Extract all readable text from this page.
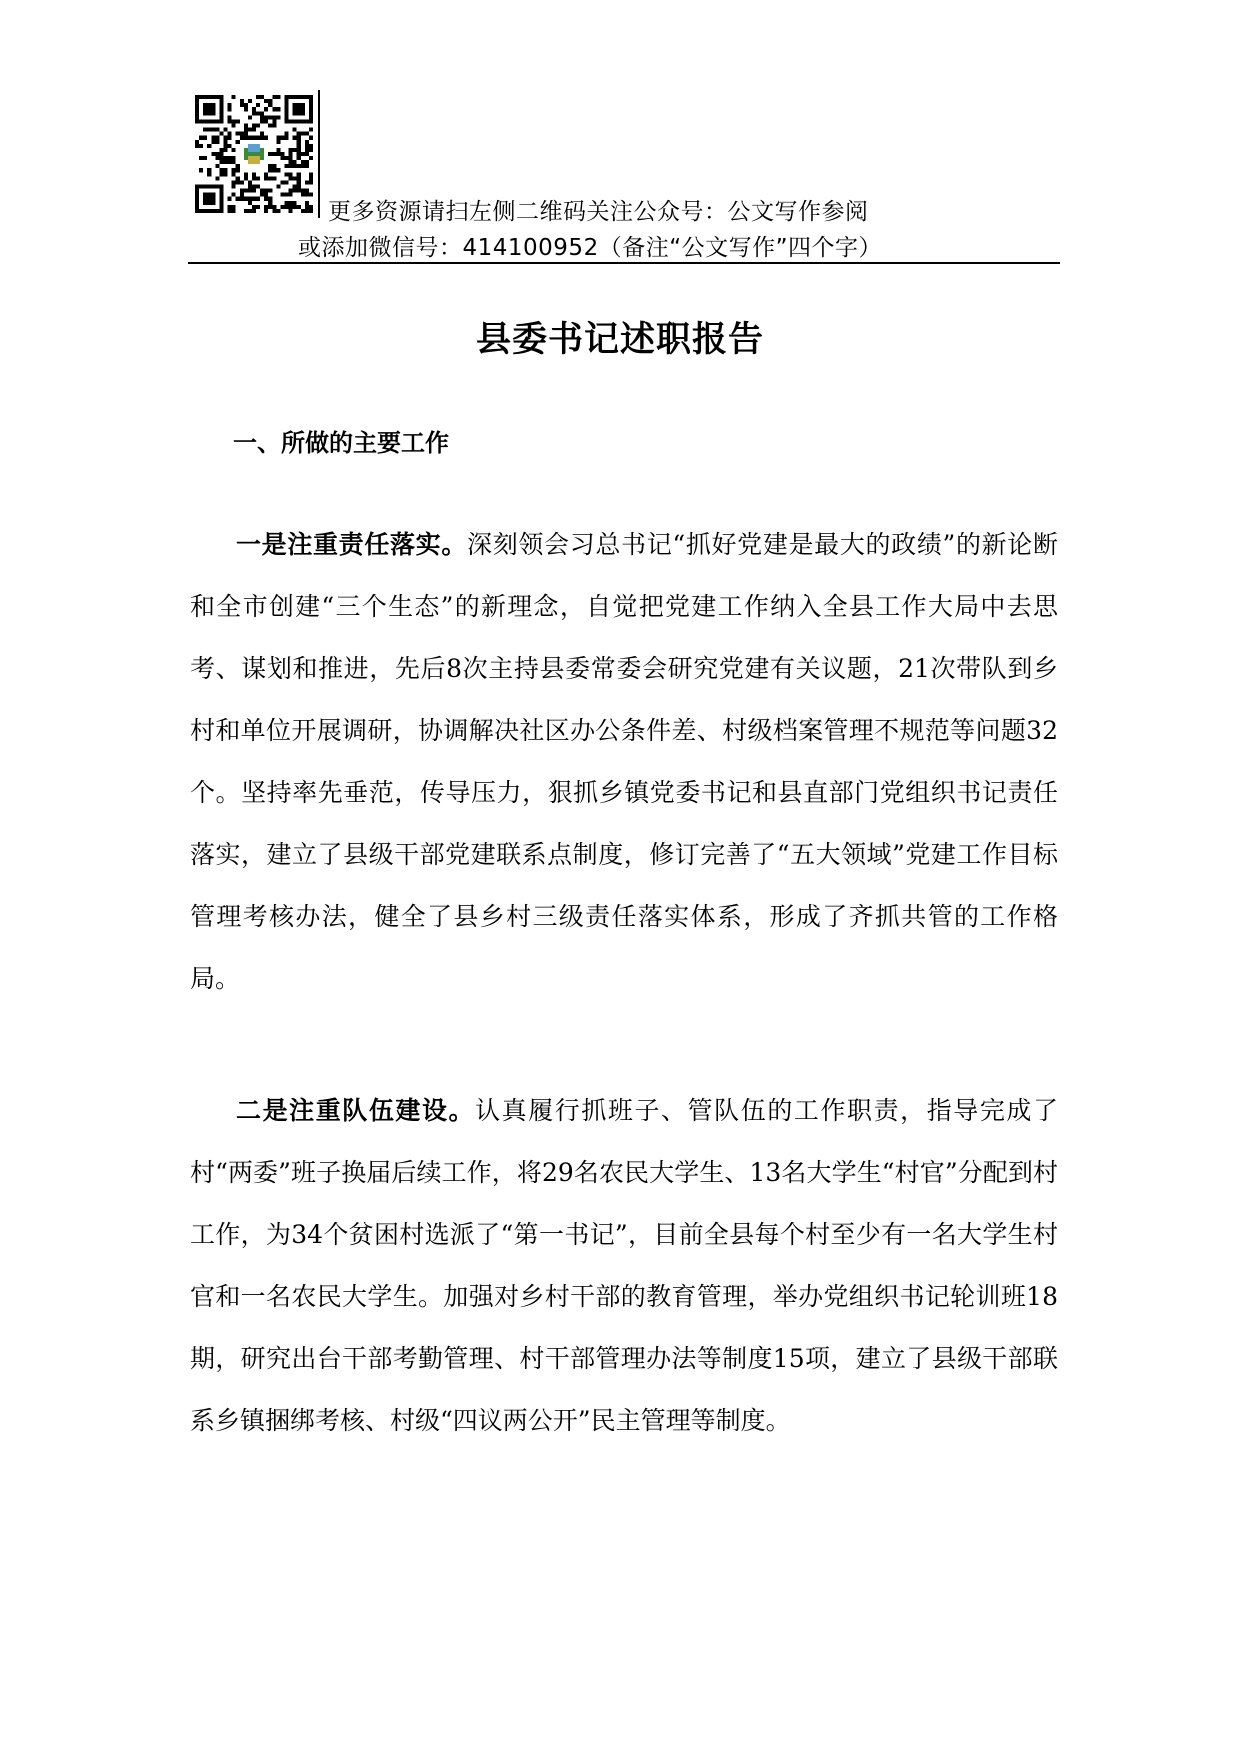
更多资源请扫左侧二维码关注公众号：公文写作参阅
或添加微信号：414100952（备注“公文写作”四个字）
县委书记述职报告
一、所做的主要工作
一是注重责任落实。深刻领会习总书记“抓好党建是最大的政绩”的新论断和全市创建“三个生态”的新理念，自觉把党建工作纳入全县工作大局中去思考、谋划和推进，先后8次主持县委常委会研究党建有关议题，21次带队到乡村和单位开展调研，协调解决社区办公条件差、村级档案管理不规范等问题32个。坚持率先垂范，传导压力，狠抓乡镇党委书记和县直部门党组织书记责任落实，建立了县级干部党建联系点制度，修订完善了“五大领域”党建工作目标管理考核办法，健全了县乡村三级责任落实体系，形成了齐抓共管的工作格局。
二是注重队伍建设。认真履行抓班子、管队伍的工作职责，指导完成了村“两委”班子换届后续工作，将29名农民大学生、13名大学生“村官”分配到村工作，为34个贫困村选派了“第一书记”，目前全县每个村至少有一名大学生村官和一名农民大学生。加强对乡村干部的教育管理，举办党组织书记轮训班18期，研究出台干部考勤管理、村干部管理办法等制度15项，建立了县级干部联系乡镇捆绑考核、村级“四议两公开”民主管理等制度。
